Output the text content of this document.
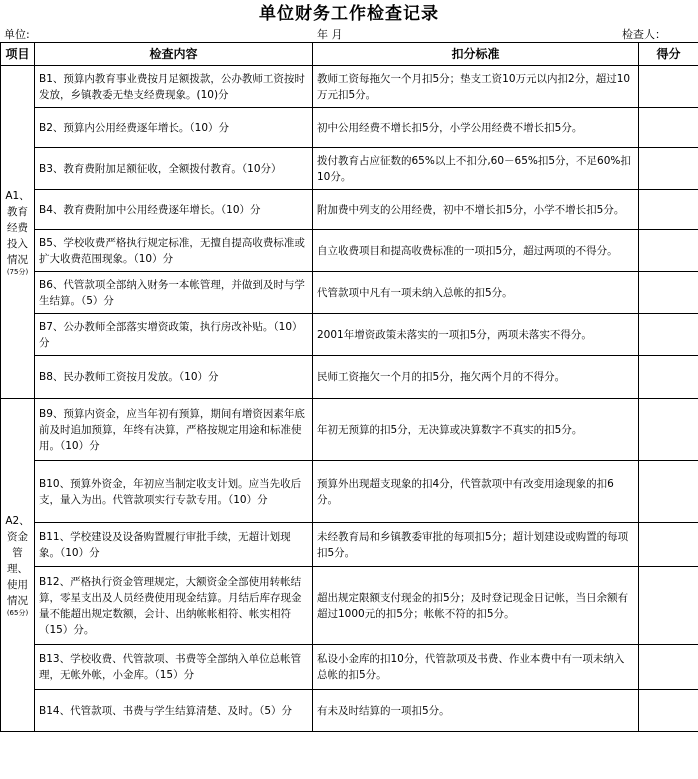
单位财务工作检查记录
单位:	年 月	检查人：
项目	检查内容	扣分标准	得分

A1、教育经费投入情况
(75分)	B1、预算内教育事业费按月足额拨款，公办教师工资按时发放，乡镇教委无垫支经费现象。(10)分	教师工资每拖欠一个月扣5分；垫支工资10万元以内扣2分，超过10万元扣5分。	
	B2、预算内公用经费逐年增长。（10）分	初中公用经费不增长扣5分，小学公用经费不增长扣5分。	
	B3、教育费附加足额征收，全额拨付教育。（10分）	拨付教育占应征数的65%以上不扣分,60－65%扣5分，不足60%扣10分。	
	B4、教育费附加中公用经费逐年增长。（10）分	附加费中列支的公用经费，初中不增长扣5分，小学不增长扣5分。	
	B5、学校收费严格执行规定标准，无擅自提高收费标准或扩大收费范围现象。（10）分	自立收费项目和提高收费标准的一项扣5分，超过两项的不得分。	
	B6、代管款项全部纳入财务一本帐管理，并做到及时与学生结算。（5）分	代管款项中凡有一项未纳入总帐的扣5分。	
	B7、公办教师全部落实增资政策，执行房改补贴。（10）分	2001年增资政策未落实的一项扣5分，两项未落实不得分。	
	B8、民办教师工资按月发放。（10）分	民师工资拖欠一个月的扣5分，拖欠两个月的不得分。	

A2、资金管理、使用情况
(65分)	B9、预算内资金，应当年初有预算，期间有增资因素年底前及时追加预算，年终有决算，严格按规定用途和标准使用。（10）分	年初无预算的扣5分，无决算或决算数字不真实的扣5分。	
	B10、预算外资金，年初应当制定收支计划。应当先收后支，量入为出。代管款项实行专款专用。（10）分	预算外出现超支现象的扣4分，代管款项中有改变用途现象的扣6分。	
	B11、学校建设及设备购置履行审批手续，无超计划现象。（10）分	未经教育局和乡镇教委审批的每项扣5分；超计划建设或购置的每项扣5分。	
	B12、严格执行资金管理规定，大额资金全部使用转帐结算，零星支出及人员经费使用现金结算。月结后库存现金量不能超出规定数额，会计、出纳帐帐相符、帐实相符（15）分。	超出规定限额支付现金的扣5分；及时登记现金日记帐，当日余额有超过1000元的扣5分；帐帐不符的扣5分。	
	B13、学校收费、代管款项、书费等全部纳入单位总帐管理，无帐外帐，小金库。（15）分	私设小金库的扣10分，代管款项及书费、作业本费中有一项未纳入总帐的扣5分。	
	B14、代管款项、书费与学生结算清楚、及时。（5）分	有未及时结算的一项扣5分。	
